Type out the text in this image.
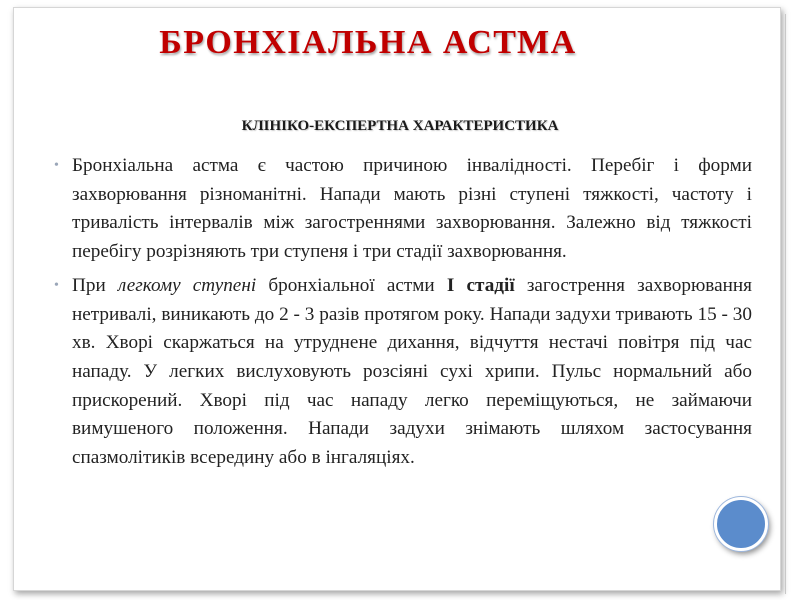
БРОНХІАЛЬНА АСТМА
КЛІНІКО-ЕКСПЕРТНА ХАРАКТЕРИСТИКА

• Бронхіальна астма є частою причиною інвалідності. Перебіг і форми захворювання різноманітні. Напади мають різні ступені тяжкості, частоту і тривалість інтервалів між загостреннями захворювання. Залежно від тяжкості перебігу розрізняють три ступеня і три стадії захворювання.

• При легкому ступені бронхіальної астми І стадії загострення захворювання нетривалі, виникають до 2 - 3 разів протягом року. Напади задухи тривають 15 - 30 хв. Хворі скаржаться на утруднене дихання, відчуття нестачі повітря під час нападу. У легких вислуховують розсіяні сухі хрипи. Пульс нормальний або прискорений. Хворі під час нападу легко переміщуються, не займаючи вимушеного положення. Напади задухи знімають шляхом застосування спазмолітиків всередину або в інгаляціях.
